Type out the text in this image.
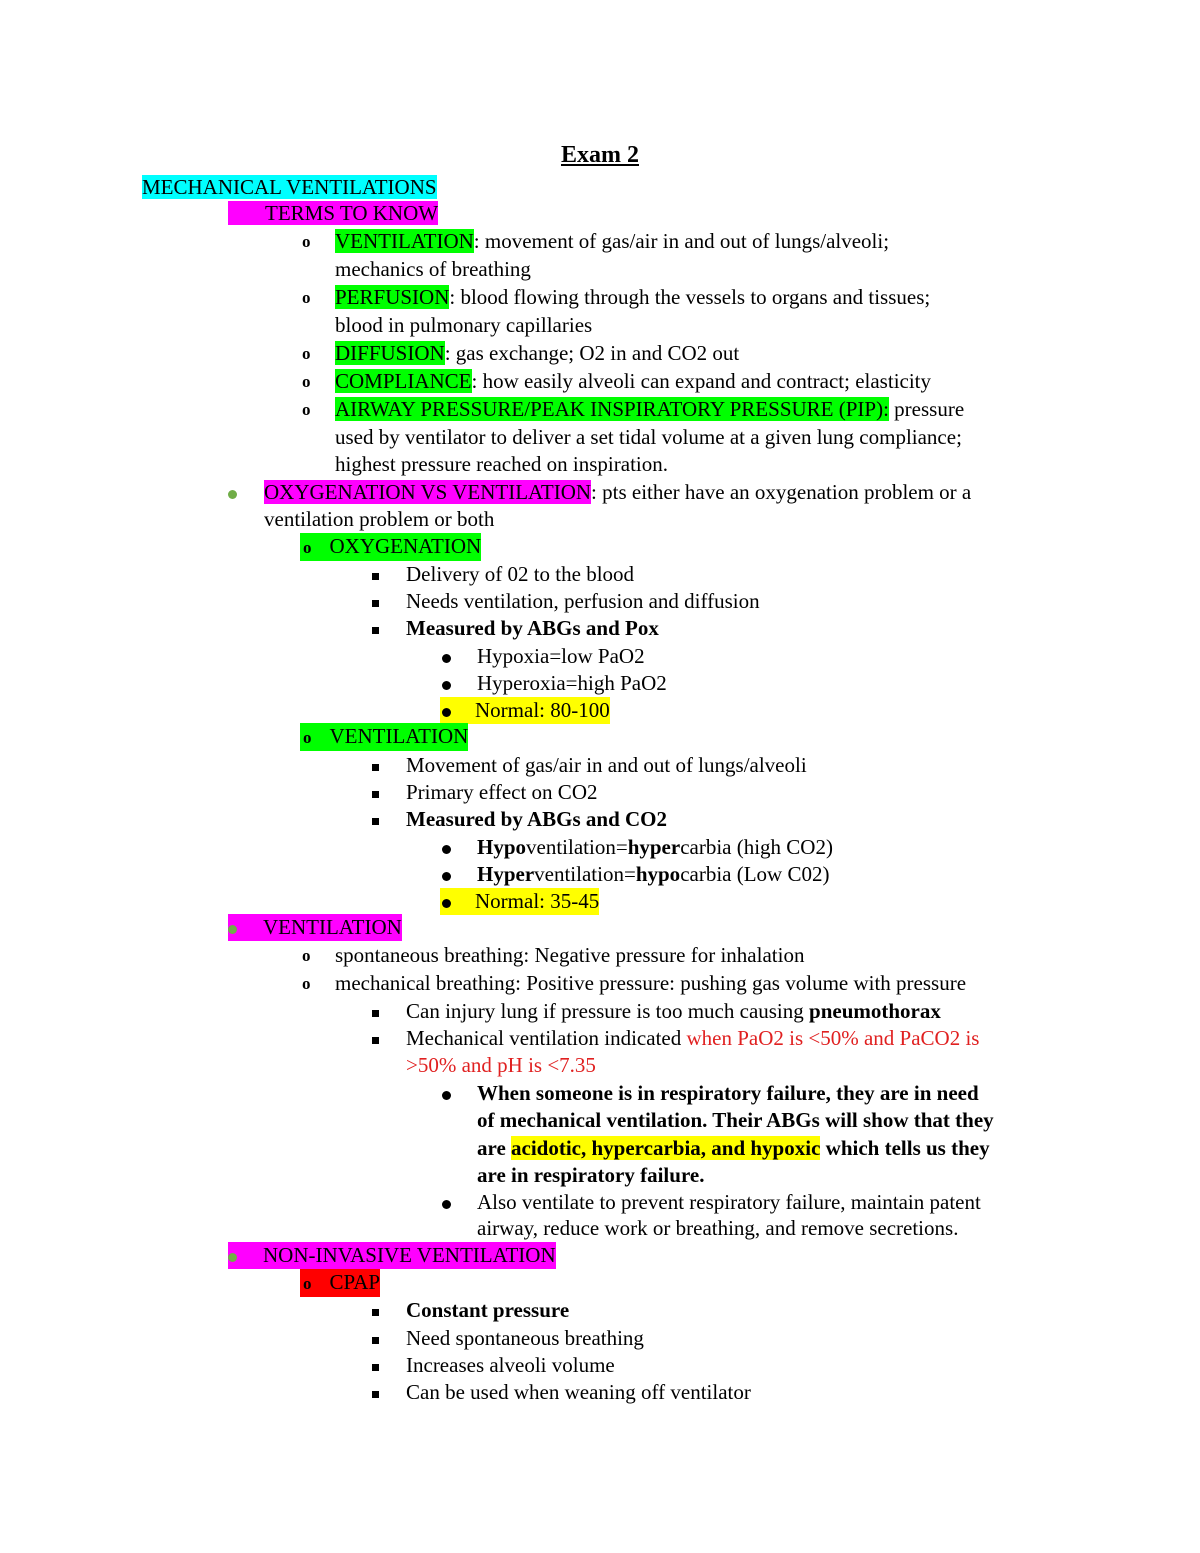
Exam 2
MECHANICAL VENTILATIONS
TERMS TO KNOW
o VENTILATION: movement of gas/air in and out of lungs/alveoli;
mechanics of breathing
o PERFUSION: blood flowing through the vessels to organs and tissues;
blood in pulmonary capillaries
o DIFFUSION: gas exchange; O2 in and CO2 out
o COMPLIANCE: how easily alveoli can expand and contract; elasticity
o AIRWAY PRESSURE/PEAK INSPIRATORY PRESSURE (PIP): pressure
used by ventilator to deliver a set tidal volume at a given lung compliance;
highest pressure reached on inspiration.
OXYGENATION VS VENTILATION: pts either have an oxygenation problem or a
ventilation problem or both
o OXYGENATION
Delivery of 02 to the blood
Needs ventilation, perfusion and diffusion
Measured by ABGs and Pox
Hypoxia=low PaO2
Hyperoxia=high PaO2
Normal: 80-100
o VENTILATION
Movement of gas/air in and out of lungs/alveoli
Primary effect on CO2
Measured by ABGs and CO2
Hypoventilation=hypercarbia (high CO2)
Hyperventilation=hypocarbia (Low C02)
Normal: 35-45
VENTILATION
o spontaneous breathing: Negative pressure for inhalation
o mechanical breathing: Positive pressure: pushing gas volume with pressure
Can injury lung if pressure is too much causing pneumothorax
Mechanical ventilation indicated when PaO2 is <50% and PaCO2 is
>50% and pH is <7.35
When someone is in respiratory failure, they are in need
of mechanical ventilation. Their ABGs will show that they
are acidotic, hypercarbia, and hypoxic which tells us they
are in respiratory failure.
Also ventilate to prevent respiratory failure, maintain patent
airway, reduce work or breathing, and remove secretions.
NON-INVASIVE VENTILATION
o CPAP
Constant pressure
Need spontaneous breathing
Increases alveoli volume
Can be used when weaning off ventilator
